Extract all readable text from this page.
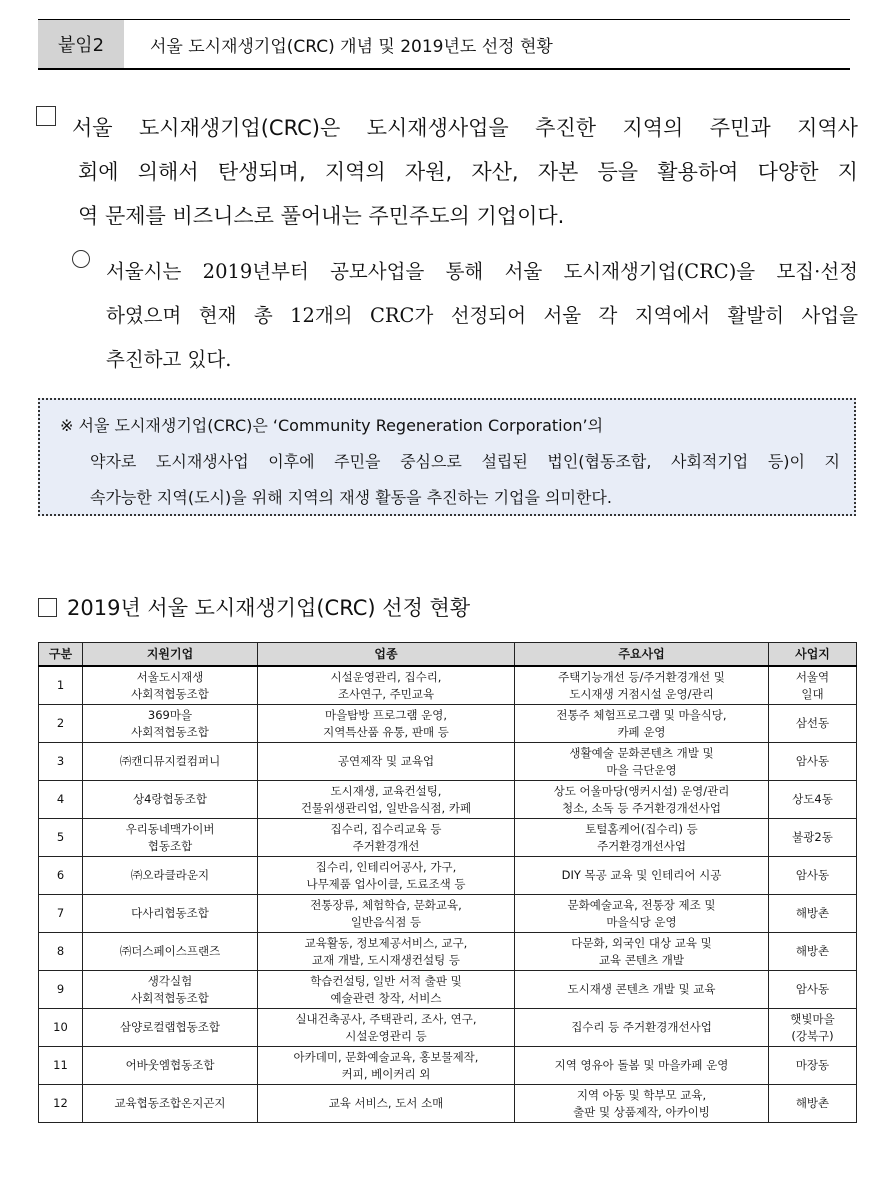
붙임2	서울 도시재생기업(CRC) 개념 및 2019년도 선정 현황
서울 도시재생기업(CRC)은 도시재생사업을 추진한 지역의 주민과 지역사
회에 의해서 탄생되며, 지역의 자원, 자산, 자본 등을 활용하여 다양한 지
역 문제를 비즈니스로 풀어내는 주민주도의 기업이다.
서울시는 2019년부터 공모사업을 통해 서울 도시재생기업(CRC)을 모집·선정
하였으며 현재 총 12개의 CRC가 선정되어 서울 각 지역에서 활발히 사업을
추진하고 있다.
※ 서울 도시재생기업(CRC)은 ‘Community Regeneration Corporation’의
약자로 도시재생사업 이후에 주민을 중심으로 설립된 법인(협동조합, 사회적기업 등)이 지
속가능한 지역(도시)을 위해 지역의 재생 활동을 추진하는 기업을 의미한다.
2019년 서울 도시재생기업(CRC) 선정 현황
구분	지원기업	업종	주요사업	사업지
1	서울도시재생
사회적협동조합	시설운영관리, 집수리,
조사연구, 주민교육	주택기능개선 등/주거환경개선 및
도시재생 거점시설 운영/관리	서울역
일대
2	369마을
사회적협동조합	마을탐방 프로그램 운영,
지역특산품 유통, 판매 등	전통주 체험프로그램 및 마을식당,
카페 운영	삼선동
3	㈜캔디뮤지컬컴퍼니	공연제작 및 교육업	생활예술 문화콘텐츠 개발 및
마을 극단운영	암사동
4	상4랑협동조합	도시재생, 교육컨설팅,
건물위생관리업, 일반음식점, 카페	상도 어울마당(앵커시설) 운영/관리
청소, 소독 등 주거환경개선사업	상도4동
5	우리동네맥가이버
협동조합	집수리, 집수리교육 등
주거환경개선	토털홈케어(집수리) 등
주거환경개선사업	불광2동
6	㈜오라클라운지	집수리, 인테리어공사, 가구,
나무제품 업사이클, 도료조색 등	DIY 목공 교육 및 인테리어 시공	암사동
7	다사리협동조합	전통장류, 체험학습, 문화교육,
일반음식점 등	문화예술교육, 전통장 제조 및
마을식당 운영	해방촌
8	㈜더스페이스프랜즈	교육활동, 정보제공서비스, 교구,
교재 개발, 도시재생컨설팅 등	다문화, 외국인 대상 교육 및
교육 콘텐츠 개발	해방촌
9	생각실험
사회적협동조합	학습컨설팅, 일반 서적 출판 및
예술관련 창작, 서비스	도시재생 콘텐츠 개발 및 교육	암사동
10	삼양로컬랩협동조합	실내건축공사, 주택관리, 조사, 연구,
시설운영관리 등	집수리 등 주거환경개선사업	햇빛마을
(강북구)
11	어바웃엠협동조합	아카데미, 문화예술교육, 홍보물제작,
커피, 베이커리 외	지역 영유아 돌봄 및 마을카페 운영	마장동
12	교육협동조합온지곤지	교육 서비스, 도서 소매	지역 아동 및 학부모 교육,
출판 및 상품제작, 아카이빙	해방촌
